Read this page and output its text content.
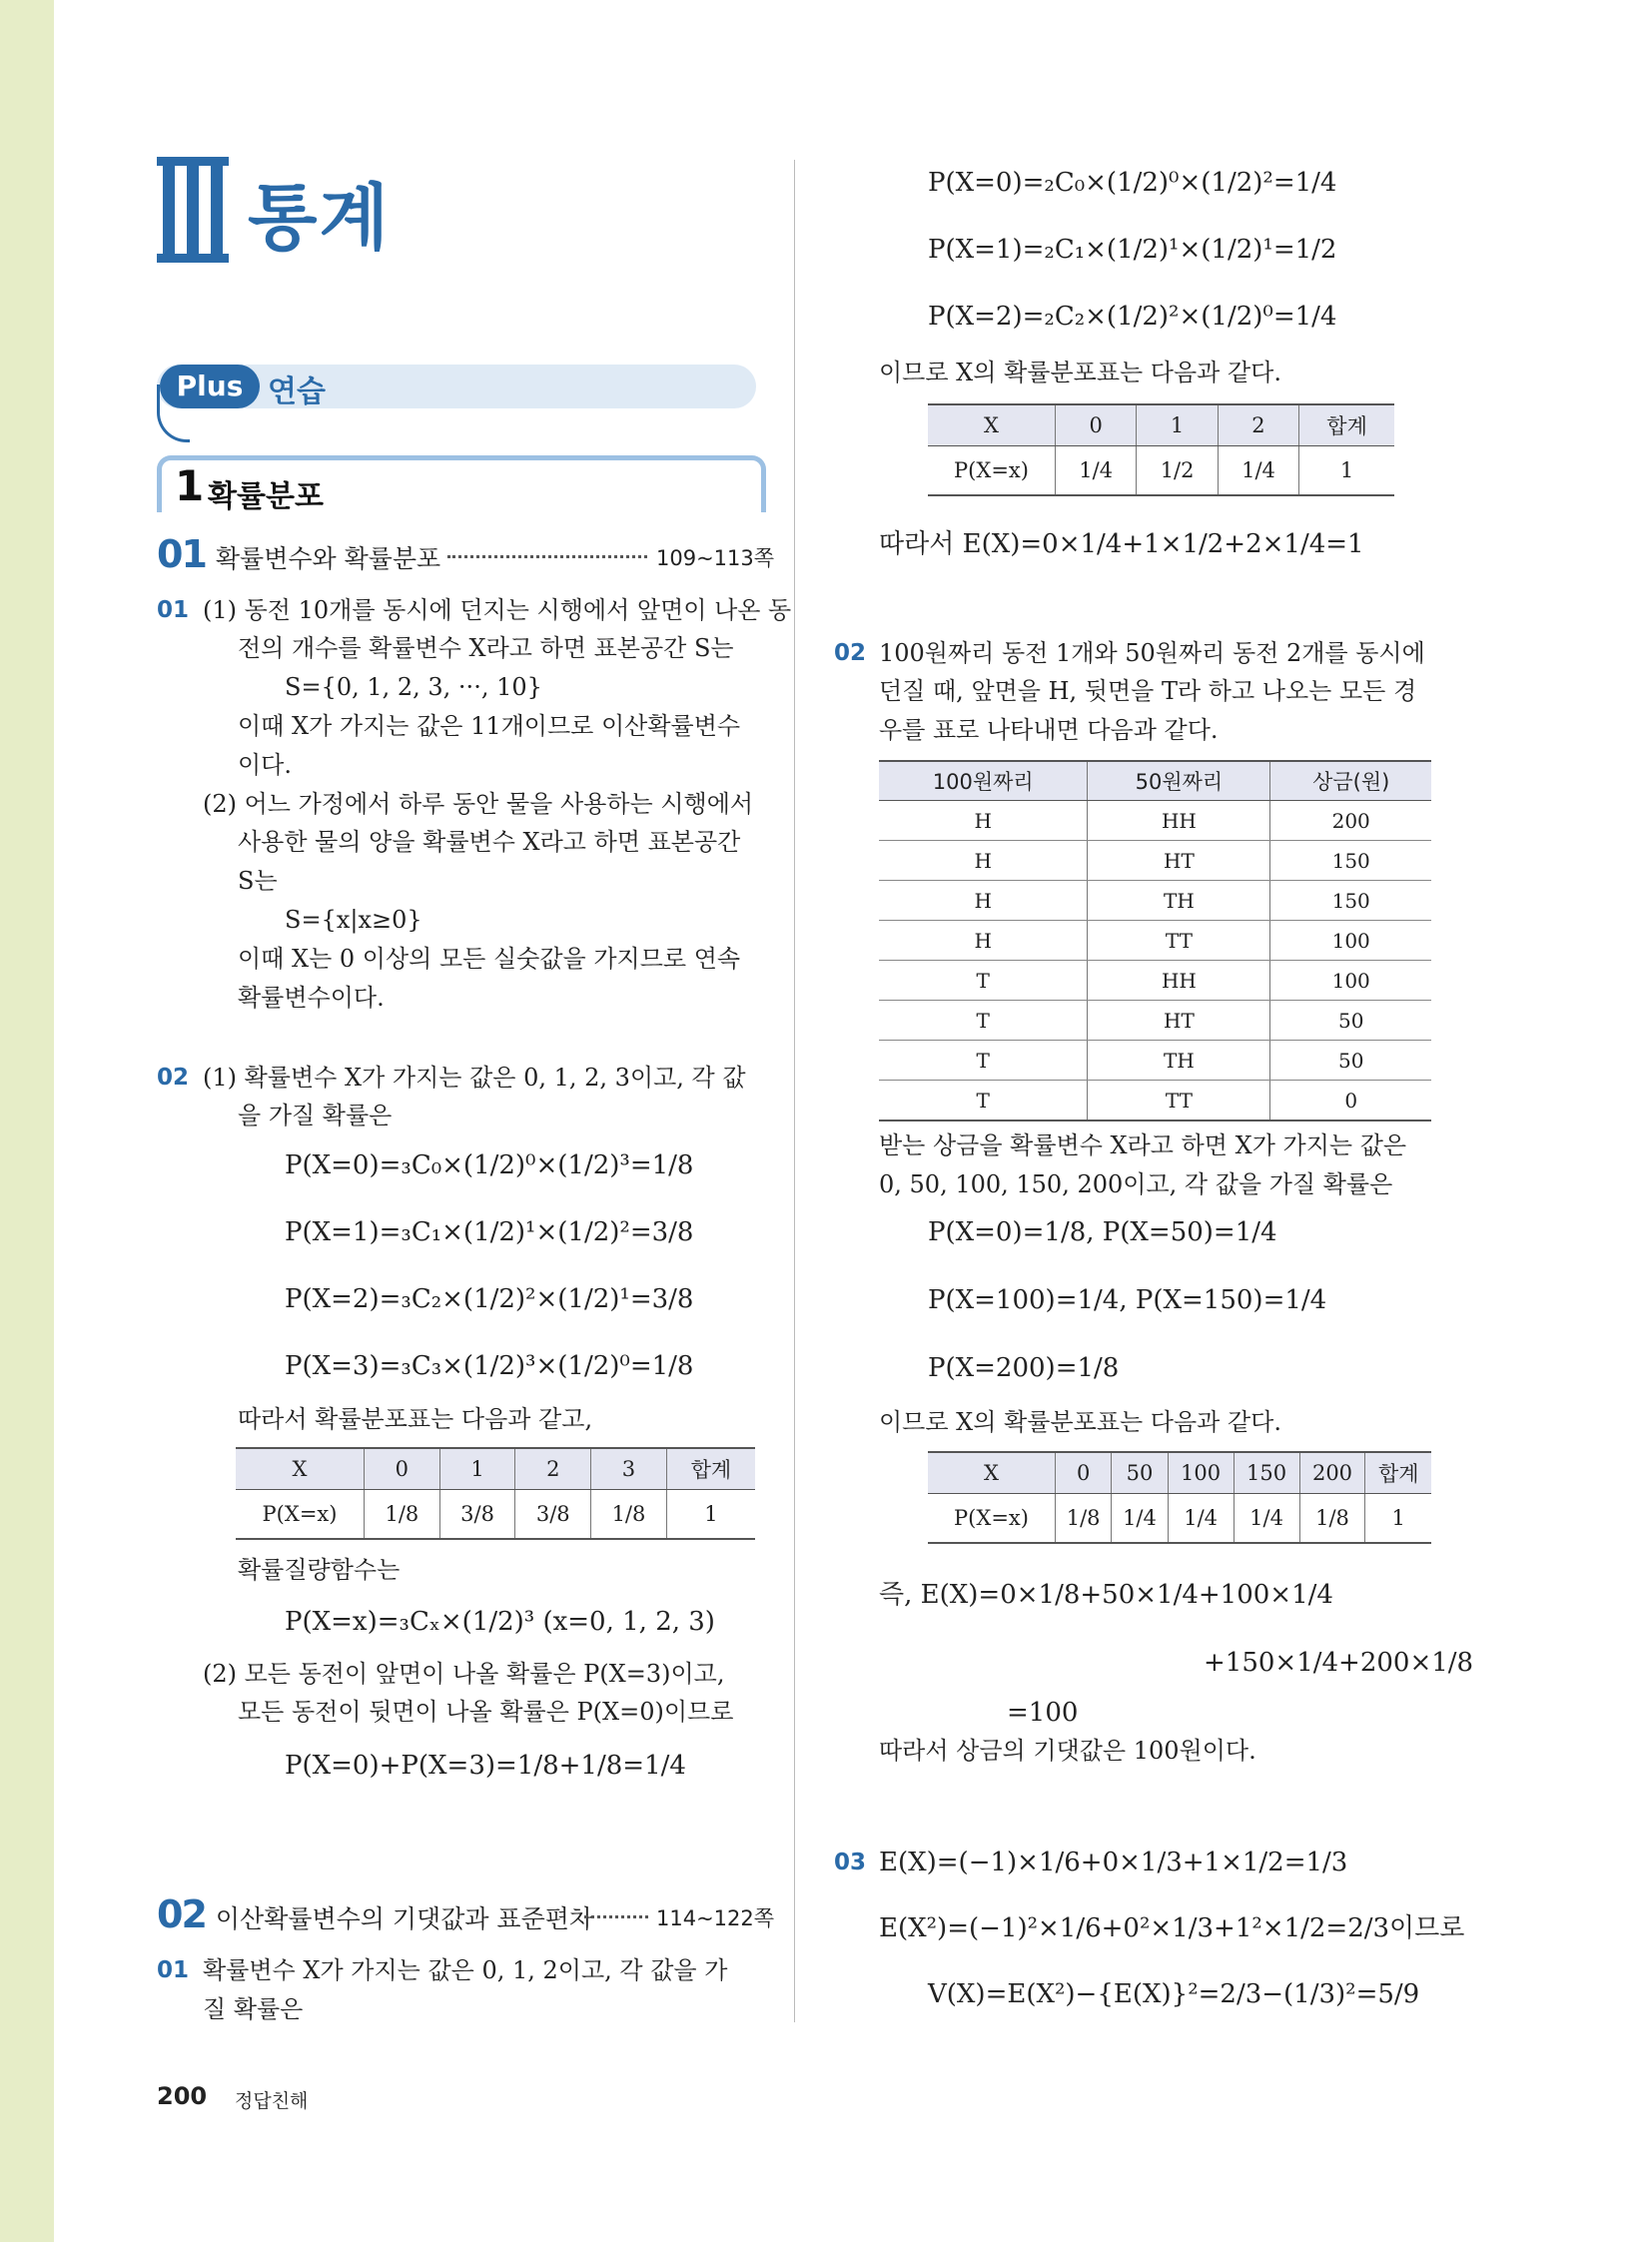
통계
Plus 연습
1 확률분포
01 확률변수와 확률분포	109~113쪽
01 (1) 동전 10개를 동시에 던지는 시행에서 앞면이 나온 동
전의 개수를 확률변수 X라고 하면 표본공간 S는
S={0, 1, 2, 3, ···, 10}
이때 X가 가지는 값은 11개이므로 이산확률변수
이다.
(2) 어느 가정에서 하루 동안 물을 사용하는 시행에서
사용한 물의 양을 확률변수 X라고 하면 표본공간
S는
S={x|x≥0}
이때 X는 0 이상의 모든 실숫값을 가지므로 연속
확률변수이다.
02 (1) 확률변수 X가 가지는 값은 0, 1, 2, 3이고, 각 값
을 가질 확률은
P(X=0)=₃C₀×(1/2)⁰×(1/2)³=1/8
P(X=1)=₃C₁×(1/2)¹×(1/2)²=3/8
P(X=2)=₃C₂×(1/2)²×(1/2)¹=3/8
P(X=3)=₃C₃×(1/2)³×(1/2)⁰=1/8
따라서 확률분포표는 다음과 같고,
X	0	1	2	3	합계
P(X=x)	1/8	3/8	3/8	1/8	1
확률질량함수는
P(X=x)=₃Cₓ×(1/2)³ (x=0, 1, 2, 3)
(2) 모든 동전이 앞면이 나올 확률은 P(X=3)이고,
모든 동전이 뒷면이 나올 확률은 P(X=0)이므로
P(X=0)+P(X=3)=1/8+1/8=1/4
02 이산확률변수의 기댓값과 표준편차	114~122쪽
01 확률변수 X가 가지는 값은 0, 1, 2이고, 각 값을 가
질 확률은
P(X=0)=₂C₀×(1/2)⁰×(1/2)²=1/4
P(X=1)=₂C₁×(1/2)¹×(1/2)¹=1/2
P(X=2)=₂C₂×(1/2)²×(1/2)⁰=1/4
이므로 X의 확률분포표는 다음과 같다.
X	0	1	2	합계
P(X=x)	1/4	1/2	1/4	1
따라서 E(X)=0×1/4+1×1/2+2×1/4=1
02 100원짜리 동전 1개와 50원짜리 동전 2개를 동시에
던질 때, 앞면을 H, 뒷면을 T라 하고 나오는 모든 경
우를 표로 나타내면 다음과 같다.
100원짜리	50원짜리	상금(원)
H	HH	200
H	HT	150
H	TH	150
H	TT	100
T	HH	100
T	HT	50
T	TH	50
T	TT	0
받는 상금을 확률변수 X라고 하면 X가 가지는 값은
0, 50, 100, 150, 200이고, 각 값을 가질 확률은
P(X=0)=1/8, P(X=50)=1/4
P(X=100)=1/4, P(X=150)=1/4
P(X=200)=1/8
이므로 X의 확률분포표는 다음과 같다.
X	0	50	100	150	200	합계
P(X=x)	1/8	1/4	1/4	1/4	1/8	1
즉, E(X)=0×1/8+50×1/4+100×1/4
+150×1/4+200×1/8
=100
따라서 상금의 기댓값은 100원이다.
03 E(X)=(−1)×1/6+0×1/3+1×1/2=1/3
E(X²)=(−1)²×1/6+0²×1/3+1²×1/2=2/3이므로
V(X)=E(X²)−{E(X)}²=2/3−(1/3)²=5/9
200 정답친해
